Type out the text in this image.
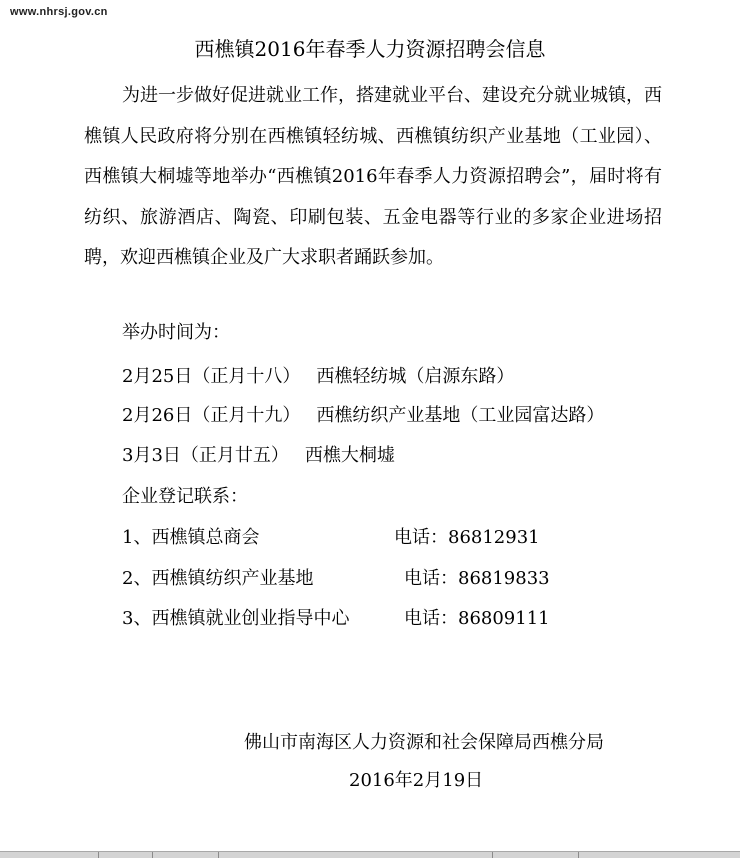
www.nhrsj.gov.cn
西樵镇2016年春季人力资源招聘会信息

为进一步做好促进就业工作，搭建就业平台、建设充分就业城镇，西樵镇人民政府将分别在西樵镇轻纺城、西樵镇纺织产业基地（工业园）、西樵镇大桐墟等地举办“西樵镇2016年春季人力资源招聘会”，届时将有纺织、旅游酒店、陶瓷、印刷包装、五金电器等行业的多家企业进场招聘，欢迎西樵镇企业及广大求职者踊跃参加。

举办时间为：
2月25日（正月十八） 西樵轻纺城（启源东路）
2月26日（正月十九） 西樵纺织产业基地（工业园富达路）
3月3日（正月廿五） 西樵大桐墟
企业登记联系：
1、西樵镇总商会	电话：86812931
2、西樵镇纺织产业基地	电话：86819833
3、西樵镇就业创业指导中心	电话：86809111
佛山市南海区人力资源和社会保障局西樵分局
2016年2月19日
